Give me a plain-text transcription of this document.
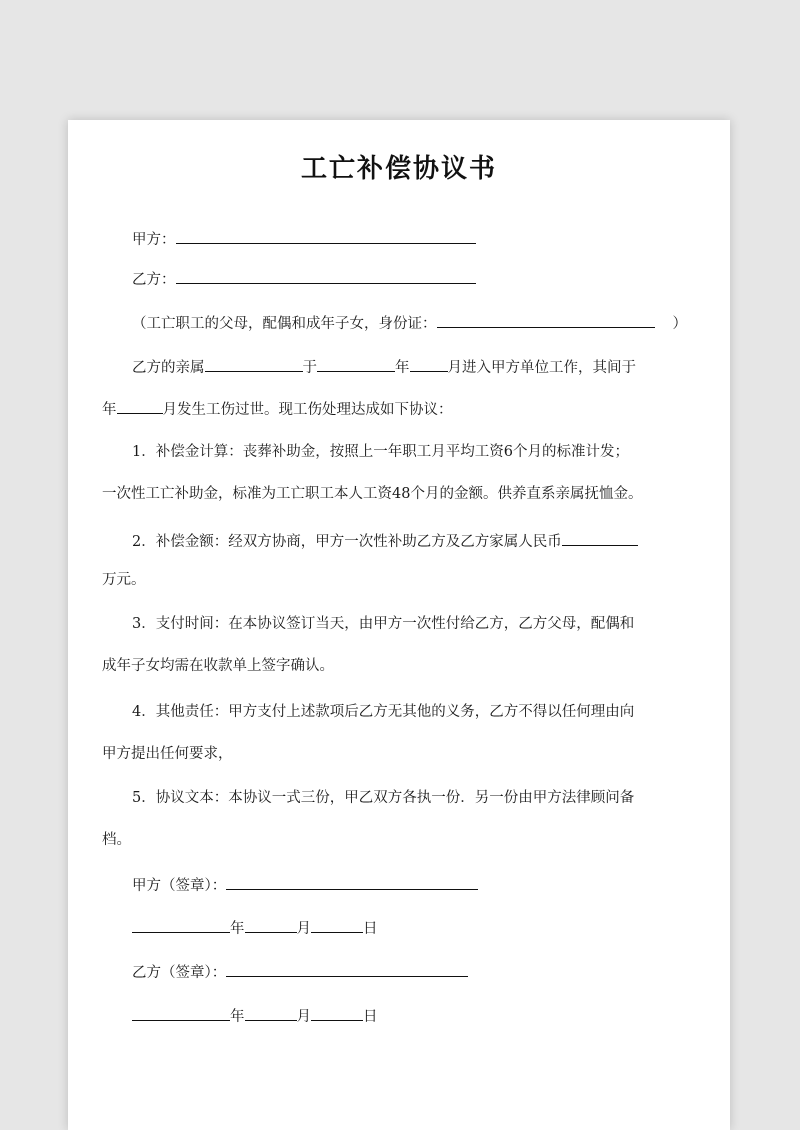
工亡补偿协议书
甲方：
乙方：
（工亡职工的父母，配偶和成年子女，身份证：	）
乙方的亲属	于	年	月进入甲方单位工作，其间于
年	月发生工伤过世。现工伤处理达成如下协议：
1．补偿金计算：丧葬补助金，按照上一年职工月平均工资6个月的标准计发；
一次性工亡补助金，标准为工亡职工本人工资48个月的金额。供养直系亲属抚恤金。
2．补偿金额：经双方协商，甲方一次性补助乙方及乙方家属人民币
万元。
3．支付时间：在本协议签订当天，由甲方一次性付给乙方，乙方父母，配偶和
成年子女均需在收款单上签字确认。
4．其他责任：甲方支付上述款项后乙方无其他的义务，乙方不得以任何理由向
甲方提出任何要求，
5．协议文本：本协议一式三份，甲乙双方各执一份．另一份由甲方法律顾问备
档。
甲方（签章）：
年	月	日
乙方（签章）：
年	月	日
